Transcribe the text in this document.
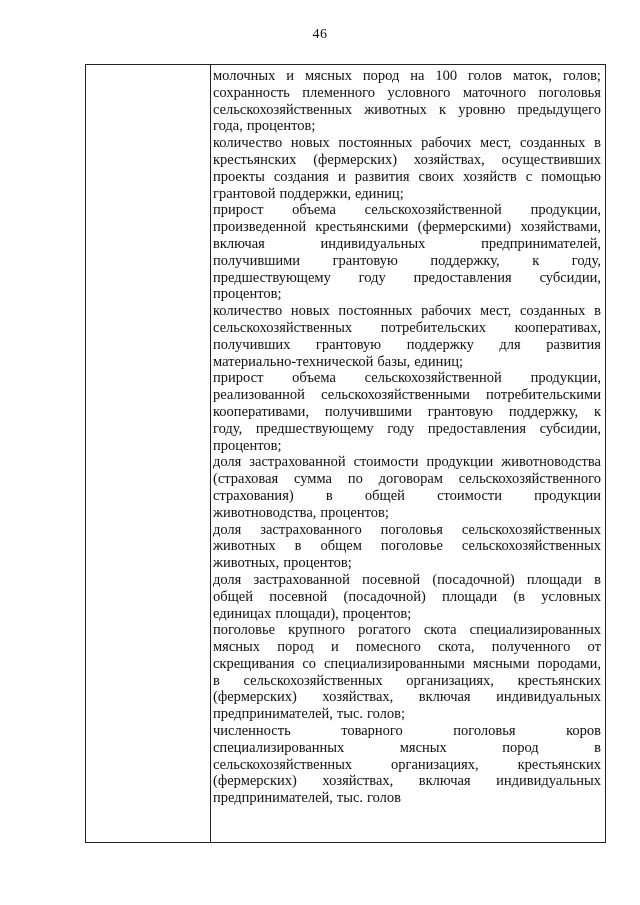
46
молочных и мясных пород на 100 голов маток, голов;
сохранность племенного условного маточного поголовья
сельскохозяйственных животных к уровню предыдущего
года, процентов;
количество новых постоянных рабочих мест, созданных в
крестьянских (фермерских) хозяйствах, осуществивших
проекты создания и развития своих хозяйств с помощью
грантовой поддержки, единиц;
прирост объема сельскохозяйственной продукции,
произведенной крестьянскими (фермерскими) хозяйствами,
включая	индивидуальных	предпринимателей,
получившими грантовую поддержку, к году,
предшествующему году предоставления субсидии,
процентов;
количество новых постоянных рабочих мест, созданных в
сельскохозяйственных потребительских кооперативах,
получивших грантовую поддержку для развития
материально-технической базы, единиц;
прирост объема сельскохозяйственной продукции,
реализованной сельскохозяйственными потребительскими
кооперативами, получившими грантовую поддержку, к
году, предшествующему году предоставления субсидии,
процентов;
доля застрахованной стоимости продукции животноводства
(страховая сумма по договорам сельскохозяйственного
страхования) в общей стоимости продукции
животноводства, процентов;
доля застрахованного поголовья сельскохозяйственных
животных в общем поголовье сельскохозяйственных
животных, процентов;
доля застрахованной посевной (посадочной) площади в
общей посевной (посадочной) площади (в условных
единицах площади), процентов;
поголовье крупного рогатого скота специализированных
мясных пород и помесного скота, полученного от
скрещивания со специализированными мясными породами,
в сельскохозяйственных организациях, крестьянских
(фермерских) хозяйствах, включая индивидуальных
предпринимателей, тыс. голов;
численность	товарного	поголовья	коров
специализированных	мясных	пород	в
сельскохозяйственных	организациях,	крестьянских
(фермерских) хозяйствах, включая индивидуальных
предпринимателей, тыс. голов
